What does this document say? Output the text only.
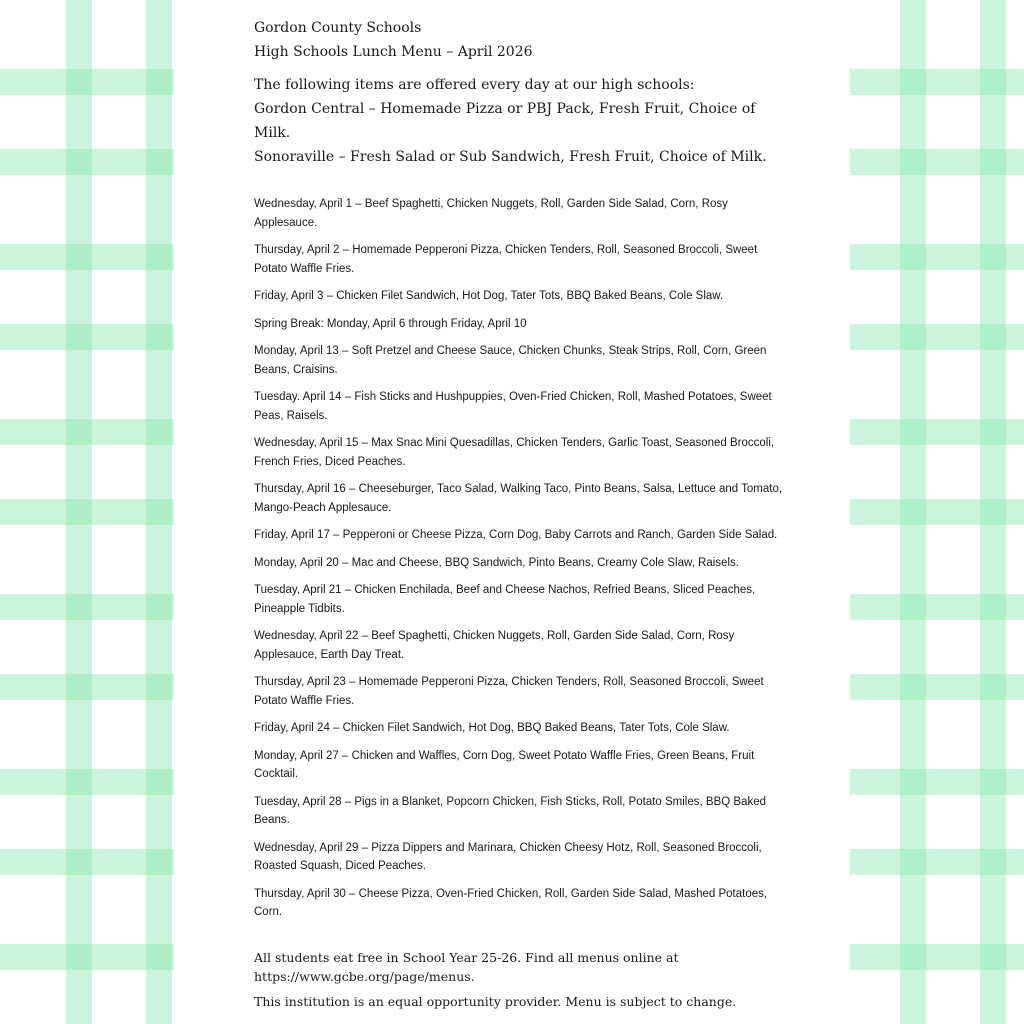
Gordon County Schools

High Schools Lunch Menu – April 2026

The following items are offered every day at our high schools:

Gordon Central – Homemade Pizza or PBJ Pack, Fresh Fruit, Choice of Milk.

Sonoraville – Fresh Salad or Sub Sandwich, Fresh Fruit, Choice of Milk.

Wednesday, April 1 – Beef Spaghetti, Chicken Nuggets, Roll, Garden Side Salad, Corn, Rosy Applesauce.

Thursday, April 2 – Homemade Pepperoni Pizza, Chicken Tenders, Roll, Seasoned Broccoli, Sweet Potato Waffle Fries.

Friday, April 3 – Chicken Filet Sandwich, Hot Dog, Tater Tots, BBQ Baked Beans, Cole Slaw.

Spring Break: Monday, April 6 through Friday, April 10

Monday, April 13 – Soft Pretzel and Cheese Sauce, Chicken Chunks, Steak Strips, Roll, Corn, Green Beans, Craisins.

Tuesday. April 14 – Fish Sticks and Hushpuppies, Oven-Fried Chicken, Roll, Mashed Potatoes, Sweet Peas, Raisels.

Wednesday, April 15 – Max Snac Mini Quesadillas, Chicken Tenders, Garlic Toast, Seasoned Broccoli, French Fries, Diced Peaches.

Thursday, April 16 – Cheeseburger, Taco Salad, Walking Taco, Pinto Beans, Salsa, Lettuce and Tomato, Mango-Peach Applesauce.

Friday, April 17 – Pepperoni or Cheese Pizza, Corn Dog, Baby Carrots and Ranch, Garden Side Salad.

Monday, April 20 – Mac and Cheese, BBQ Sandwich, Pinto Beans, Creamy Cole Slaw, Raisels.

Tuesday, April 21 – Chicken Enchilada, Beef and Cheese Nachos, Refried Beans, Sliced Peaches, Pineapple Tidbits.

Wednesday, April 22 – Beef Spaghetti, Chicken Nuggets, Roll, Garden Side Salad, Corn, Rosy Applesauce, Earth Day Treat.

Thursday, April 23 – Homemade Pepperoni Pizza, Chicken Tenders, Roll, Seasoned Broccoli, Sweet Potato Waffle Fries.

Friday, April 24 – Chicken Filet Sandwich, Hot Dog, BBQ Baked Beans, Tater Tots, Cole Slaw.

Monday, April 27 – Chicken and Waffles, Corn Dog, Sweet Potato Waffle Fries, Green Beans, Fruit Cocktail.

Tuesday, April 28 – Pigs in a Blanket, Popcorn Chicken, Fish Sticks, Roll, Potato Smiles, BBQ Baked Beans.

Wednesday, April 29 – Pizza Dippers and Marinara, Chicken Cheesy Hotz, Roll, Seasoned Broccoli, Roasted Squash, Diced Peaches.

Thursday, April 30 – Cheese Pizza, Oven-Fried Chicken, Roll, Garden Side Salad, Mashed Potatoes, Corn.

All students eat free in School Year 25-26. Find all menus online at https://www.gcbe.org/page/menus.

This institution is an equal opportunity provider. Menu is subject to change.
